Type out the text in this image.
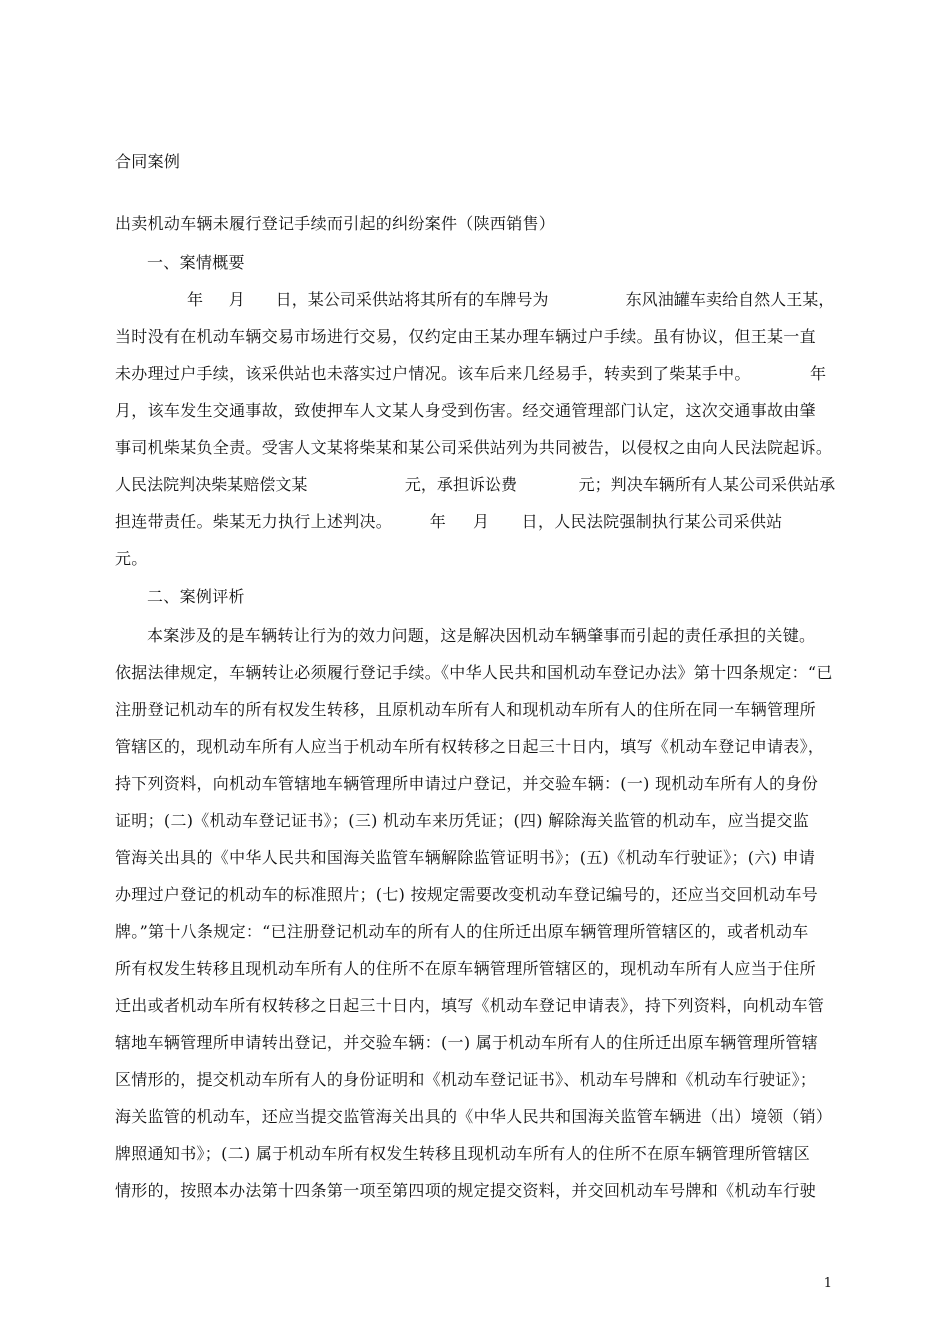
合同案例
出卖机动车辆未履行登记手续而引起的纠纷案件（陕西销售）
一、案情概要
年     月      日，某公司采供站将其所有的车牌号为               东风油罐车卖给自然人王某，
当时没有在机动车辆交易市场进行交易，仅约定由王某办理车辆过户手续。虽有协议，但王某一直
未办理过户手续，该采供站也未落实过户情况。该车后来几经易手，转卖到了柴某手中。           年
月，该车发生交通事故，致使押车人文某人身受到伤害。经交通管理部门认定，这次交通事故由肇
事司机柴某负全责。受害人文某将柴某和某公司采供站列为共同被告，以侵权之由向人民法院起诉。
人民法院判决柴某赔偿文某                   元，承担诉讼费            元；判决车辆所有人某公司采供站承
担连带责任。柴某无力执行上述判决。       年     月      日，人民法院强制执行某公司采供站
元。
二、案例评析
本案涉及的是车辆转让行为的效力问题，这是解决因机动车辆肇事而引起的责任承担的关键。
依据法律规定，车辆转让必须履行登记手续。《中华人民共和国机动车登记办法》第十四条规定：“已
注册登记机动车的所有权发生转移，且原机动车所有人和现机动车所有人的住所在同一车辆管理所
管辖区的，现机动车所有人应当于机动车所有权转移之日起三十日内，填写《机动车登记申请表》，
持下列资料，向机动车管辖地车辆管理所申请过户登记，并交验车辆：(一) 现机动车所有人的身份
证明；(二)《机动车登记证书》；(三) 机动车来历凭证；(四) 解除海关监管的机动车，应当提交监
管海关出具的《中华人民共和国海关监管车辆解除监管证明书》；(五)《机动车行驶证》；(六) 申请
办理过户登记的机动车的标准照片；(七) 按规定需要改变机动车登记编号的，还应当交回机动车号
牌。”第十八条规定：“已注册登记机动车的所有人的住所迁出原车辆管理所管辖区的，或者机动车
所有权发生转移且现机动车所有人的住所不在原车辆管理所管辖区的，现机动车所有人应当于住所
迁出或者机动车所有权转移之日起三十日内，填写《机动车登记申请表》，持下列资料，向机动车管
辖地车辆管理所申请转出登记，并交验车辆：(一) 属于机动车所有人的住所迁出原车辆管理所管辖
区情形的，提交机动车所有人的身份证明和《机动车登记证书》、机动车号牌和《机动车行驶证》；
海关监管的机动车，还应当提交监管海关出具的《中华人民共和国海关监管车辆进（出）境领（销）
牌照通知书》；(二) 属于机动车所有权发生转移且现机动车所有人的住所不在原车辆管理所管辖区
情形的，按照本办法第十四条第一项至第四项的规定提交资料，并交回机动车号牌和《机动车行驶
1
